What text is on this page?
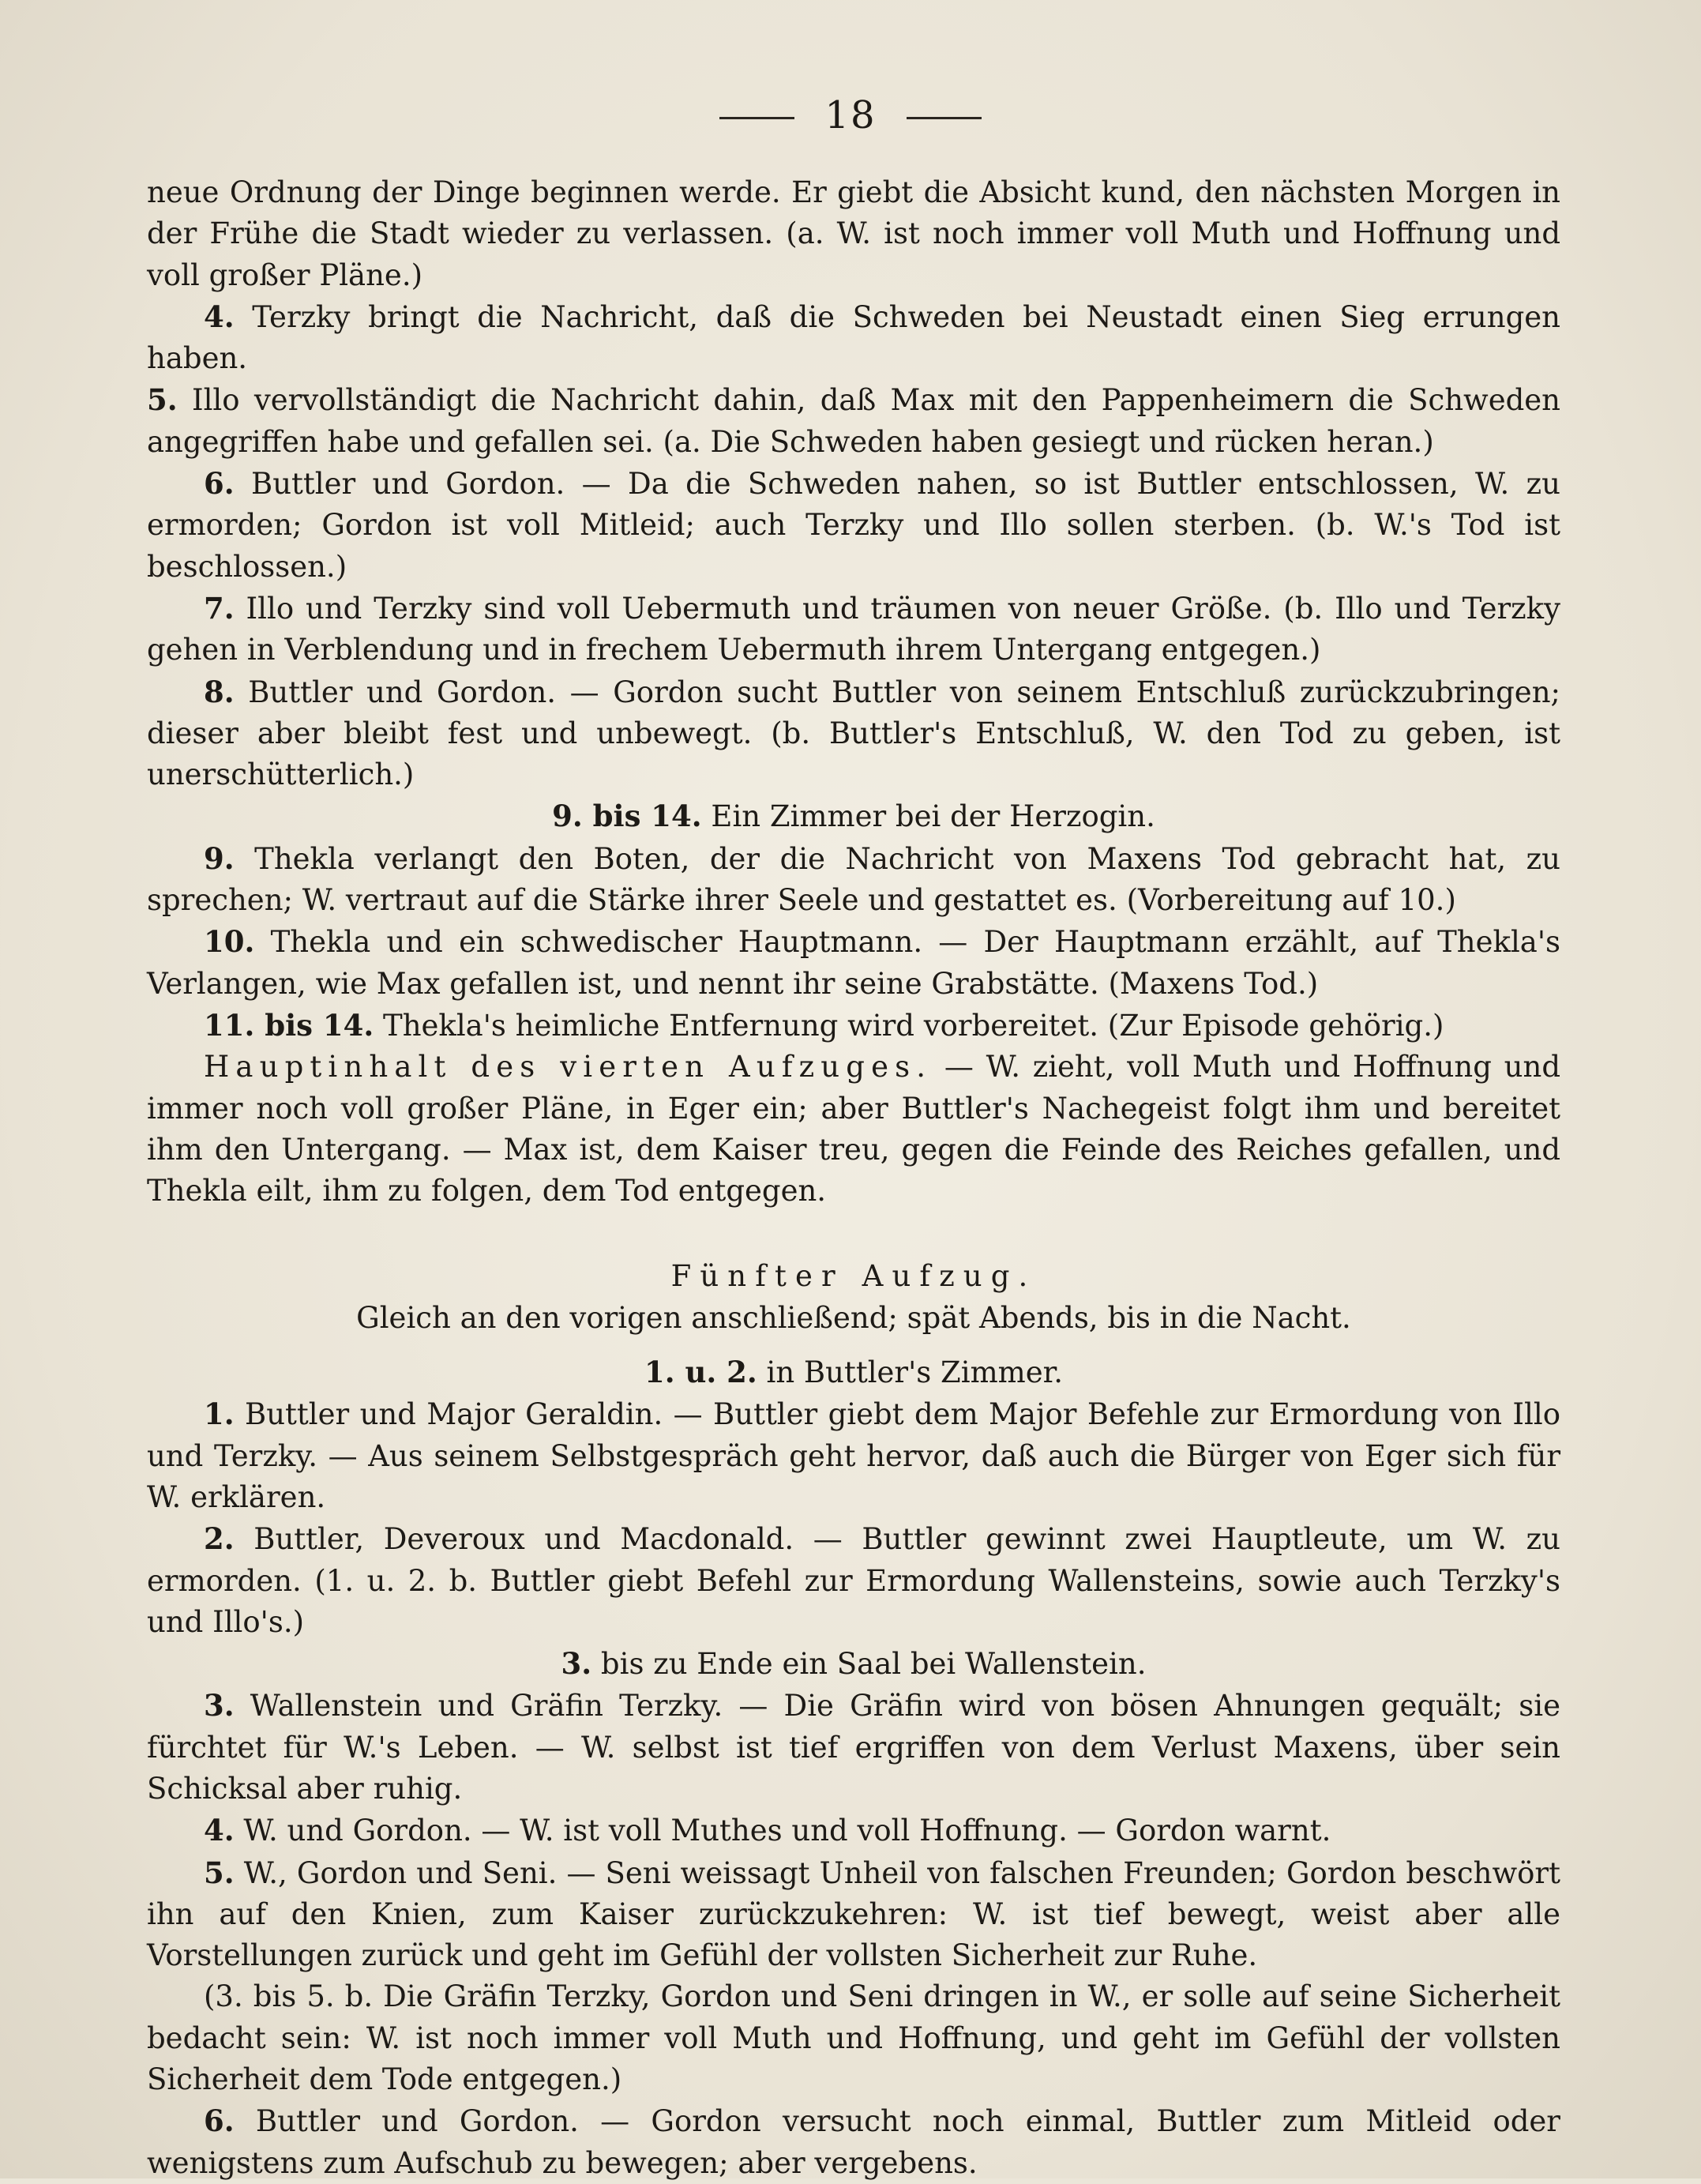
18
neue Ordnung der Dinge beginnen werde. Er giebt die Absicht kund, den nächsten Morgen in der Frühe die Stadt wieder zu verlassen. (a. W. ist noch immer voll Muth und Hoffnung und voll großer Pläne.)
4. Terzky bringt die Nachricht, daß die Schweden bei Neustadt einen Sieg errungen haben.
5. Illo vervollständigt die Nachricht dahin, daß Max mit den Pappenheimern die Schweden angegriffen habe und gefallen sei. (a. Die Schweden haben gesiegt und rücken heran.)
6. Buttler und Gordon. — Da die Schweden nahen, so ist Buttler entschlossen, W. zu ermorden; Gordon ist voll Mitleid; auch Terzky und Illo sollen sterben. (b. W.'s Tod ist beschlossen.)
7. Illo und Terzky sind voll Uebermuth und träumen von neuer Größe. (b. Illo und Terzky gehen in Verblendung und in frechem Uebermuth ihrem Untergang entgegen.)
8. Buttler und Gordon. — Gordon sucht Buttler von seinem Entschluß zurückzubringen; dieser aber bleibt fest und unbewegt. (b. Buttler's Entschluß, W. den Tod zu geben, ist unerschütterlich.)
9. bis 14. Ein Zimmer bei der Herzogin.
9. Thekla verlangt den Boten, der die Nachricht von Maxens Tod gebracht hat, zu sprechen; W. vertraut auf die Stärke ihrer Seele und gestattet es. (Vorbereitung auf 10.)
10. Thekla und ein schwedischer Hauptmann. — Der Hauptmann erzählt, auf Thekla's Verlangen, wie Max gefallen ist, und nennt ihr seine Grabstätte. (Maxens Tod.)
11. bis 14. Thekla's heimliche Entfernung wird vorbereitet. (Zur Episode gehörig.)
Hauptinhalt des vierten Aufzuges. — W. zieht, voll Muth und Hoffnung und immer noch voll großer Pläne, in Eger ein; aber Buttler's Nachegeist folgt ihm und bereitet ihm den Untergang. — Max ist, dem Kaiser treu, gegen die Feinde des Reiches gefallen, und Thekla eilt, ihm zu folgen, dem Tod entgegen.
Fünfter Aufzug.
Gleich an den vorigen anschließend; spät Abends, bis in die Nacht.
1. u. 2. in Buttler's Zimmer.
1. Buttler und Major Geraldin. — Buttler giebt dem Major Befehle zur Ermordung von Illo und Terzky. — Aus seinem Selbstgespräch geht hervor, daß auch die Bürger von Eger sich für W. erklären.
2. Buttler, Deveroux und Macdonald. — Buttler gewinnt zwei Hauptleute, um W. zu ermorden. (1. u. 2. b. Buttler giebt Befehl zur Ermordung Wallensteins, sowie auch Terzky's und Illo's.)
3. bis zu Ende ein Saal bei Wallenstein.
3. Wallenstein und Gräfin Terzky. — Die Gräfin wird von bösen Ahnungen gequält; sie fürchtet für W.'s Leben. — W. selbst ist tief ergriffen von dem Verlust Maxens, über sein Schicksal aber ruhig.
4. W. und Gordon. — W. ist voll Muthes und voll Hoffnung. — Gordon warnt.
5. W., Gordon und Seni. — Seni weissagt Unheil von falschen Freunden; Gordon beschwört ihn auf den Knien, zum Kaiser zurückzukehren: W. ist tief bewegt, weist aber alle Vorstellungen zurück und geht im Gefühl der vollsten Sicherheit zur Ruhe.
(3. bis 5. b. Die Gräfin Terzky, Gordon und Seni dringen in W., er solle auf seine Sicherheit bedacht sein: W. ist noch immer voll Muth und Hoffnung, und geht im Gefühl der vollsten Sicherheit dem Tode entgegen.)
6. Buttler und Gordon. — Gordon versucht noch einmal, Buttler zum Mitleid oder wenigstens zum Aufschub zu bewegen; aber vergebens.
